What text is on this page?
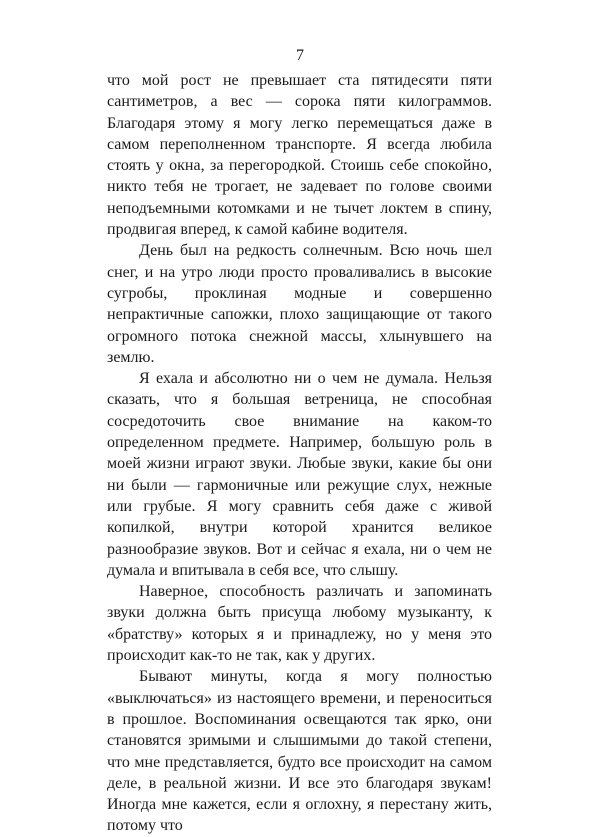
7

что мой рост не превышает ста пятидесяти пяти сантиметров, а вес — сорока пяти килограммов. Благодаря этому я могу легко перемещаться даже в самом переполненном транспорте. Я всегда любила стоять у окна, за перегородкой. Стоишь себе спокойно, никто тебя не трогает, не задевает по голове своими неподъемными котомками и не тычет локтем в спину, продвигая вперед, к самой кабине водителя.

День был на редкость солнечным. Всю ночь шел снег, и на утро люди просто проваливались в высокие сугробы, проклиная модные и совершенно непрактичные сапожки, плохо защищающие от такого огромного потока снежной массы, хлынувшего на землю.

Я ехала и абсолютно ни о чем не думала. Нельзя сказать, что я большая ветреница, не способная сосредоточить свое внимание на каком-то определенном предмете. Например, большую роль в моей жизни играют звуки. Любые звуки, какие бы они ни были — гармоничные или режущие слух, нежные или грубые. Я могу сравнить себя даже с живой копилкой, внутри которой хранится великое разнообразие звуков. Вот и сейчас я ехала, ни о чем не думала и впитывала в себя все, что слышу.

Наверное, способность различать и запоминать звуки должна быть присуща любому музыканту, к «братству» которых я и принадлежу, но у меня это происходит как-то не так, как у других.

Бывают минуты, когда я могу полностью «выключаться» из настоящего времени, и переноситься в прошлое. Воспоминания освещаются так ярко, они становятся зримыми и слышимыми до такой степени, что мне представляется, будто все происходит на самом деле, в реальной жизни. И все это благодаря звукам! Иногда мне кажется, если я оглохну, я перестану жить, потому что
